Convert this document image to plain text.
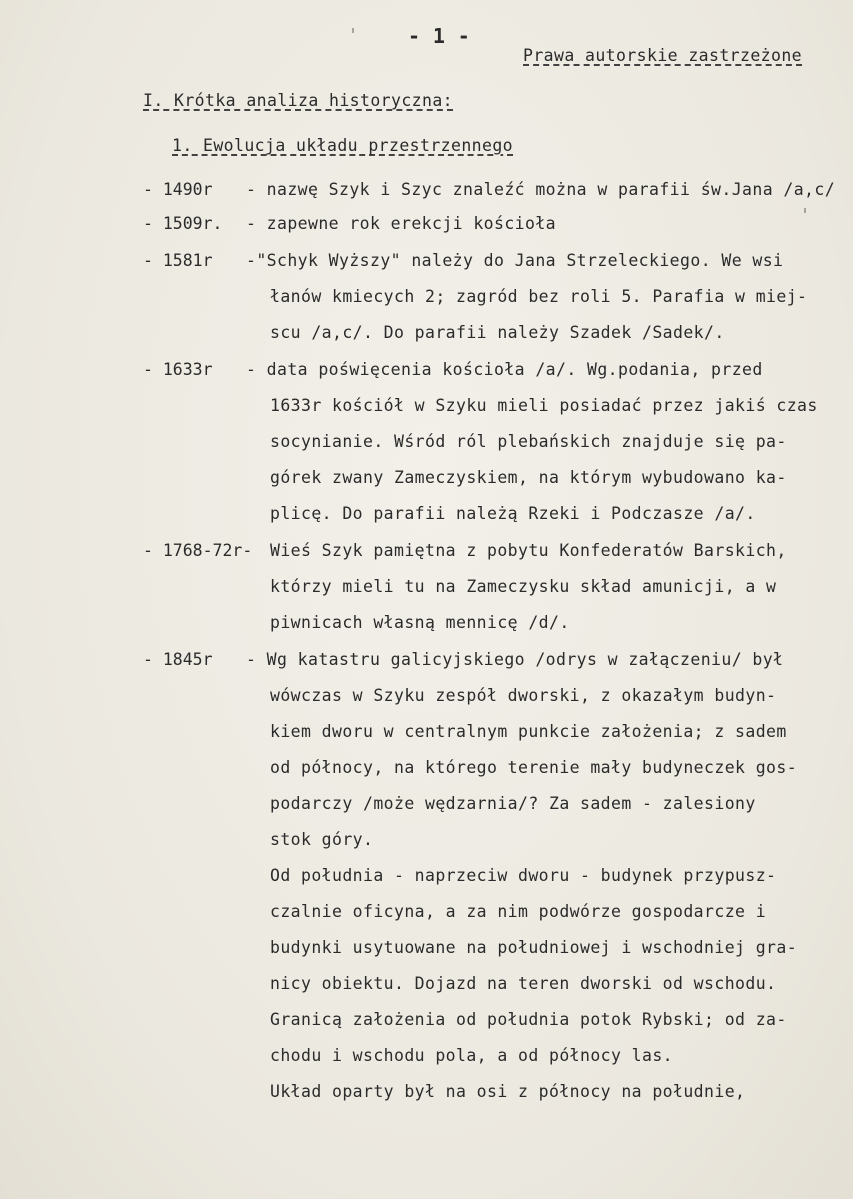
- 1 -
Prawa autorskie zastrzeżone
I. Krótka analiza historyczna:
1. Ewolucja układu przestrzennego
- 1490r - nazwę Szyk i Szyc znaleźć można w parafii św.Jana /a,c/
- 1509r. - zapewne rok erekcji kościoła
- 1581r -"Schyk Wyższy" należy do Jana Strzeleckiego. We wsi
łanów kmiecych 2; zagród bez roli 5. Parafia w miej-
scu /a,c/. Do parafii należy Szadek /Sadek/.
- 1633r - data poświęcenia kościoła /a/. Wg.podania, przed
1633r kościół w Szyku mieli posiadać przez jakiś czas
socynianie. Wśród ról plebańskich znajduje się pa-
górek zwany Zameczyskiem, na którym wybudowano ka-
plicę. Do parafii należą Rzeki i Podczasze /a/.
- 1768-72r- Wieś Szyk pamiętna z pobytu Konfederatów Barskich,
którzy mieli tu na Zameczysku skład amunicji, a w
piwnicach własną mennicę /d/.
- 1845r - Wg katastru galicyjskiego /odrys w załączeniu/ był
wówczas w Szyku zespół dworski, z okazałym budyn-
kiem dworu w centralnym punkcie założenia; z sadem
od północy, na którego terenie mały budyneczek gos-
podarczy /może wędzarnia/? Za sadem - zalesiony
stok góry.
Od południa - naprzeciw dworu - budynek przypusz-
czalnie oficyna, a za nim podwórze gospodarcze i
budynki usytuowane na południowej i wschodniej gra-
nicy obiektu. Dojazd na teren dworski od wschodu.
Granicą założenia od południa potok Rybski; od za-
chodu i wschodu pola, a od północy las.
Układ oparty był na osi z północy na południe,
